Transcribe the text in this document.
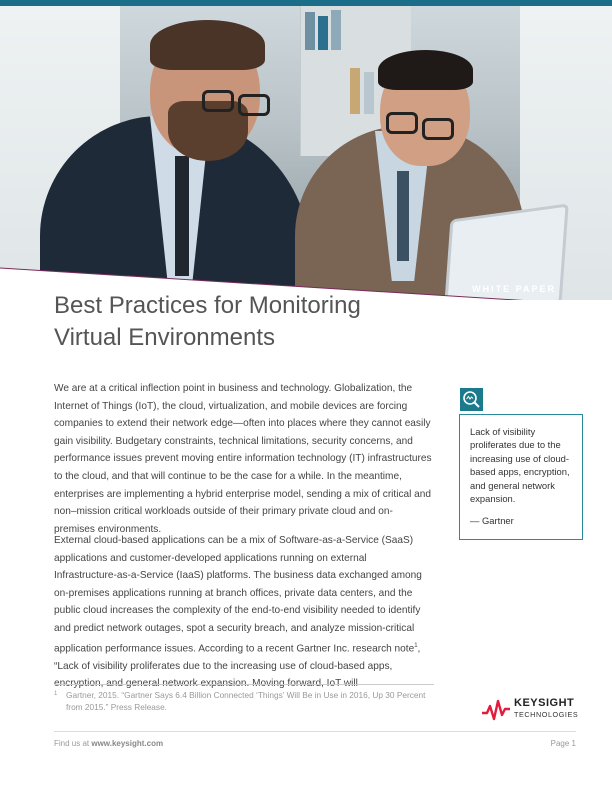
WHITE PAPER
Best Practices for Monitoring
Virtual Environments

We are at a critical inflection point in business and technology. Globalization, the Internet of Things (IoT), the cloud, virtualization, and mobile devices are forcing companies to extend their network edge—often into places where they cannot easily gain visibility. Budgetary constraints, technical limitations, security concerns, and performance issues prevent moving entire information technology (IT) infrastructures to the cloud, and that will continue to be the case for a while. In the meantime, enterprises are implementing a hybrid enterprise model, sending a mix of critical and non–mission critical workloads outside of their primary private cloud and on-premises environments.

External cloud-based applications can be a mix of Software-as-a-Service (SaaS) applications and customer-developed applications running on external Infrastructure-as-a-Service (IaaS) platforms. The business data exchanged among on-premises applications running at branch offices, private data centers, and the public cloud increases the complexity of the end-to-end visibility needed to identify and predict network outages, spot a security breach, and analyze mission-critical application performance issues. According to a recent Gartner Inc. research note$^1$, “Lack of visibility proliferates due to the increasing use of cloud-based apps, encryption, and general network expansion. Moving forward, IoT will

Lack of visibility proliferates due to the increasing use of cloud-based apps, encryption, and general network expansion.

— Gartner

1 Gartner, 2015. “Gartner Says 6.4 Billion Connected ‘Things’ Will Be in Use in 2016, Up 30 Percent from 2015.” Press Release.	KEYSIGHT
TECHNOLOGIES
Find us at www.keysight.com	Page 1
